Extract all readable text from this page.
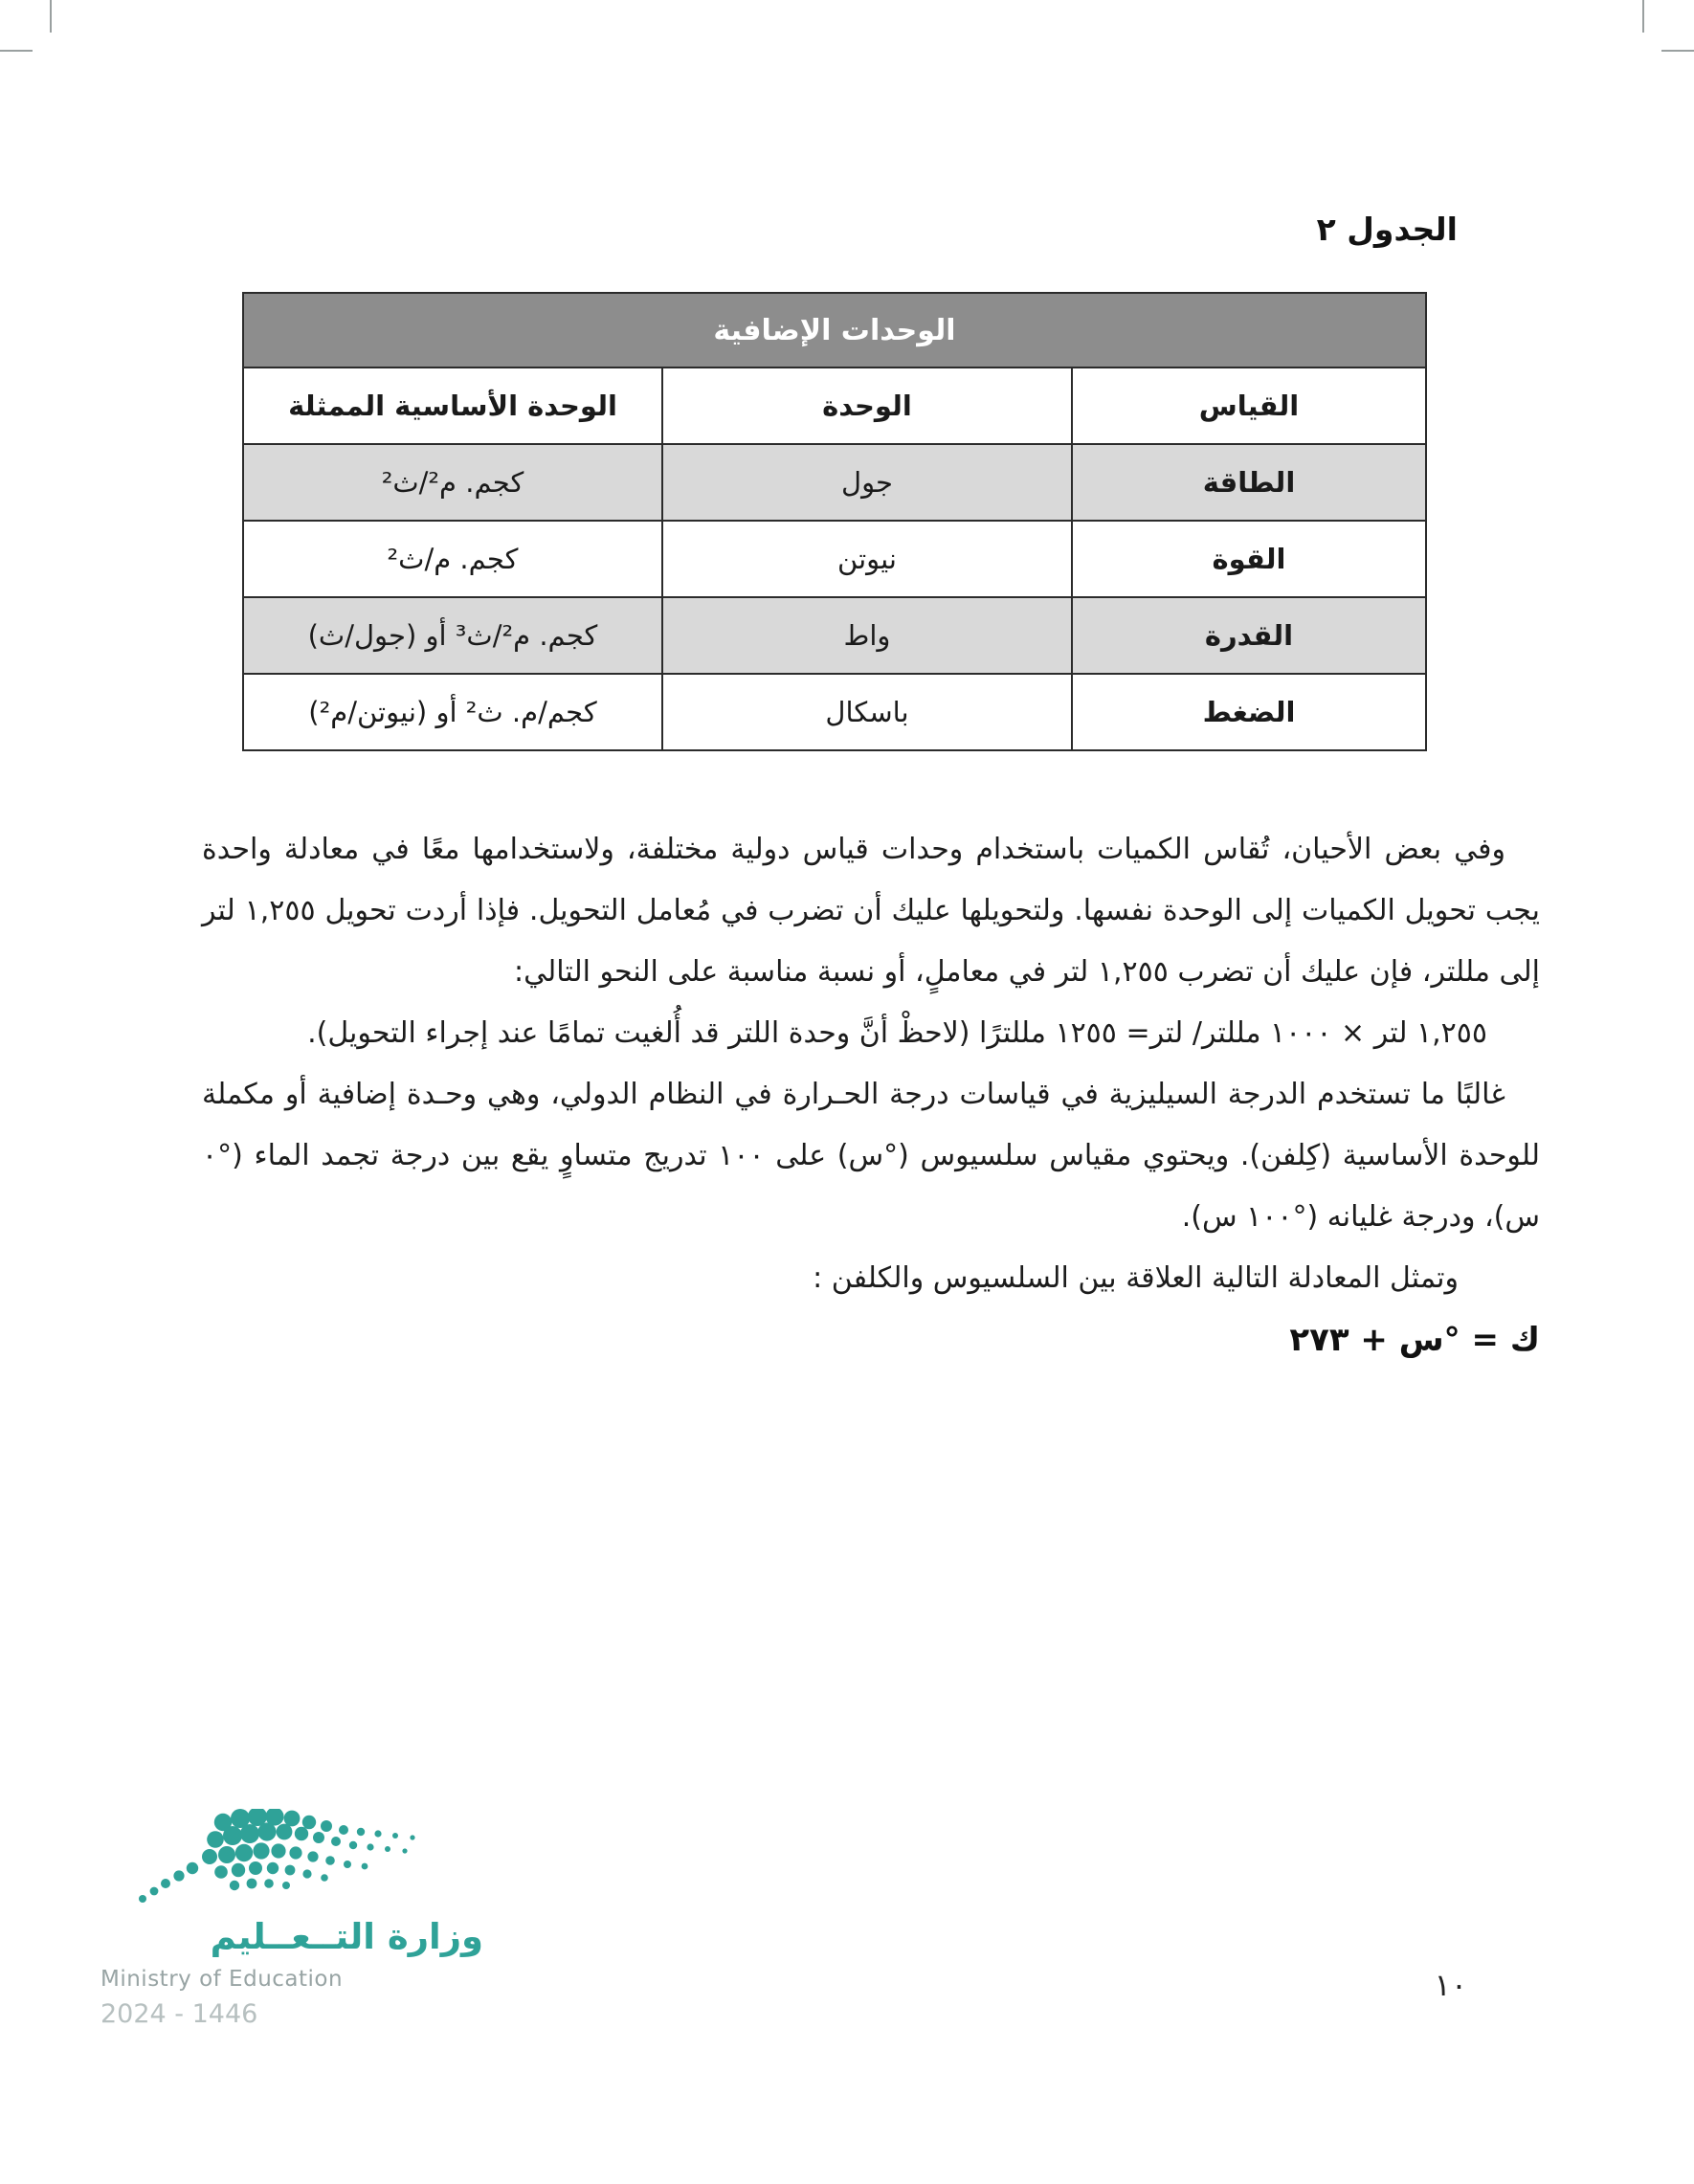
الجدول ٢
الوحدات الإضافية		
القياس	الوحدة	الوحدة الأساسية الممثلة
الطاقة	جول	كجم. م²/ث²
القوة	نيوتن	كجم. م/ث²
القدرة	واط	كجم. م²/ث³ أو (جول/ث)
الضغط	باسكال	كجم/م. ث² أو (نيوتن/م²)

وفي بعض الأحيان، تُقاس الكميات باستخدام وحدات قياس دولية مختلفة، ولاستخدامها معًا في معادلة واحدة يجب تحويل الكميات إلى الوحدة نفسها. ولتحويلها عليك أن تضرب في مُعامل التحويل. فإذا أردت تحويل ١,٢٥٥ لتر إلى مللتر، فإن عليك أن تضرب ١,٢٥٥ لتر في معاملٍ، أو نسبة مناسبة على النحو التالي:

١,٢٥٥ لتر × ١٠٠٠ مللتر/ لتر= ١٢٥٥ مللترًا (لاحظْ أنَّ وحدة اللتر قد أُلغيت تمامًا عند إجراء التحويل).

غالبًا ما تستخدم الدرجة السيليزية في قياسات درجة الحـرارة في النظام الدولي، وهي وحـدة إضافية أو مكملة للوحدة الأساسية (كِلفن). ويحتوي مقياس سلسيوس (°س) على ١٠٠ تدريج متساوٍ يقع بين درجة تجمد الماء (°٠ س)، ودرجة غليانه (°١٠٠ س).

وتمثل المعادلة التالية العلاقة بين السلسيوس والكلفن :

ك = °س + ٢٧٣

١٠
وزارة التــعــليم
Ministry of Education
2024 - 1446
